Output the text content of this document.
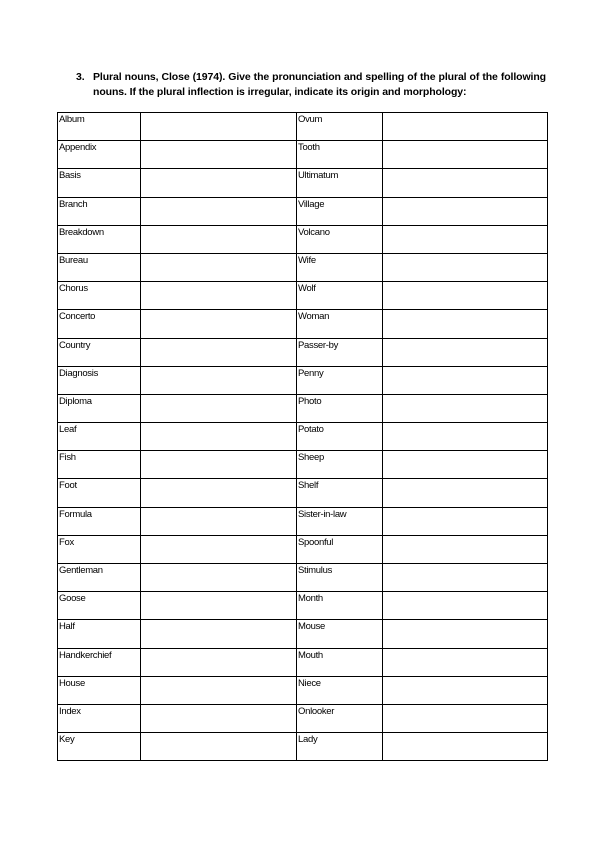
3. Plural nouns, Close (1974). Give the pronunciation and spelling of the plural of the following nouns. If the plural inflection is irregular, indicate its origin and morphology:
Album		Ovum	
Appendix		Tooth	
Basis		Ultimatum	
Branch		Village	
Breakdown		Volcano	
Bureau		Wife	
Chorus		Wolf	
Concerto		Woman	
Country		Passer-by	
Diagnosis		Penny	
Diploma		Photo	
Leaf		Potato	
Fish		Sheep	
Foot		Shelf	
Formula		Sister-in-law	
Fox		Spoonful	
Gentleman		Stimulus	
Goose		Month	
Half		Mouse	
Handkerchief		Mouth	
House		Niece	
Index		Onlooker	
Key		Lady	
